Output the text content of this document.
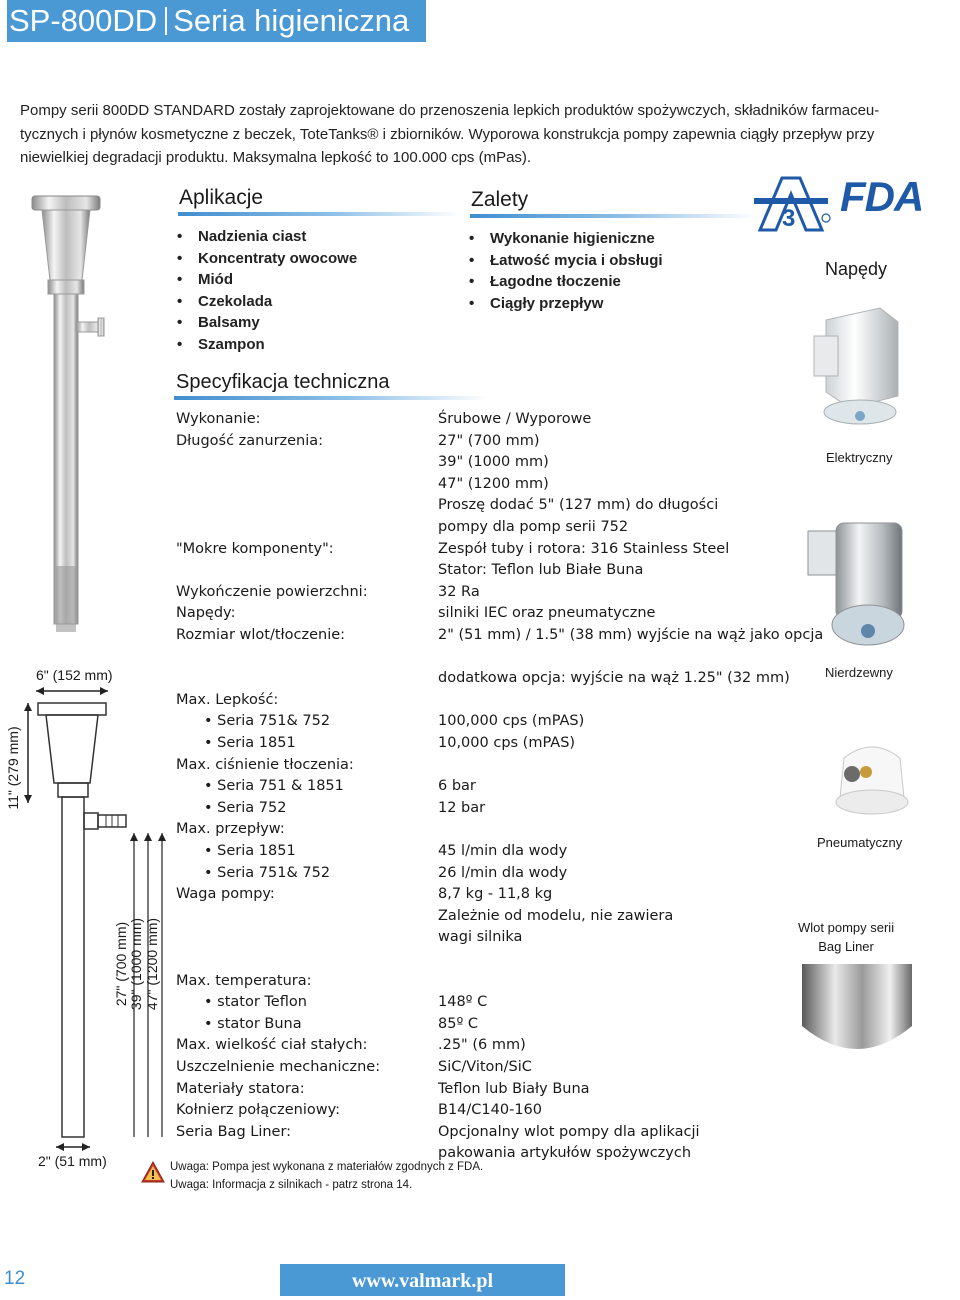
SP-800DD Seria higieniczna
Pompy serii 800DD STANDARD zostały zaprojektowane do przenoszenia lepkich produktów spożywczych, składników farmaceu-tycznych i płynów kosmetyczne z beczek, ToteTanks® i zbiorników. Wyporowa konstrukcja pompy zapewnia ciągły przepływ przy niewielkiej degradacji produktu. Maksymalna lepkość to 100.000 cps (mPas).
6" (152 mm)
11" (279 mm)
27" (700 mm) 39" (1000 mm) 47" (1200 mm)
2" (51 mm)
Aplikacje
• Nadzienia ciast
• Koncentraty owocowe
• Miód
• Czekolada
• Balsamy
• Szampon
Zalety
• Wykonanie higieniczne
• Łatwość mycia i obsługi
• Łagodne tłoczenie
• Ciągły przepływ
3 FDA
Napędy
Elektryczny
Nierdzewny
Pneumatyczny
Wlot pompy serii
Bag Liner
Specyfikacja techniczna
Wykonanie:	Śrubowe / Wyporowe
Długość zanurzenia:	27" (700 mm)
39" (1000 mm)
47" (1200 mm)
Proszę dodać 5" (127 mm) do długości
pompy dla pomp serii 752
"Mokre komponenty":	Zespół tuby i rotora: 316 Stainless Steel
Stator: Teflon lub Białe Buna
Wykończenie powierzchni:	32 Ra
Napędy:	silniki IEC oraz pneumatyczne
Rozmiar wlot/tłoczenie:	2" (51 mm) / 1.5" (38 mm) wyjście na wąż jako opcja
dodatkowa opcja: wyjście na wąż 1.25" (32 mm)
Max. Lepkość:
• Seria 751& 752	100,000 cps (mPAS)
• Seria 1851	10,000 cps (mPAS)
Max. ciśnienie tłoczenia:
• Seria 751 & 1851	6 bar
• Seria 752	12 bar
Max. przepływ:
• Seria 1851	45 l/min dla wody
• Seria 751& 752	26 l/min dla wody
Waga pompy:	8,7 kg - 11,8 kg
Zależnie od modelu, nie zawiera
wagi silnika
Max. temperatura:
• stator Teflon	148º C
• stator Buna	85º C
Max. wielkość ciał stałych:	.25" (6 mm)
Uszczelnienie mechaniczne:	SiC/Viton/SiC
Materiały statora:	Teflon lub Biały Buna
Kołnierz połączeniowy:	B14/C140-160
Seria Bag Liner:	Opcjonalny wlot pompy dla aplikacji
pakowania artykułów spożywczych
Uwaga: Pompa jest wykonana z materiałów zgodnych z FDA.
Uwaga: Informacja z silnikach - patrz strona 14.
12	www.valmark.pl
